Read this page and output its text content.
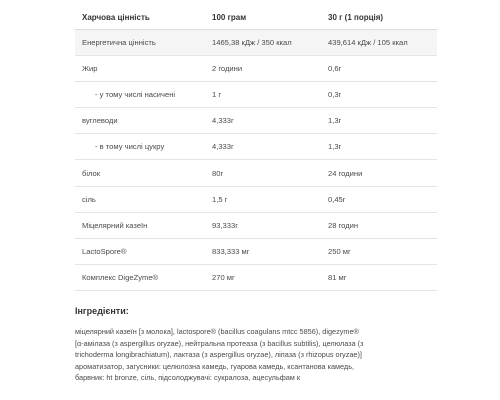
Харчова цінність	100 грам	30 г (1 порція)
Енергетична цінність	1465,38 кДж / 350 ккал	439,614 кДж / 105 ккал
Жир	2 години	0,6г
- у тому числі насичені	1 г	0,3г
вуглеводи	4,333г	1,3г
- в тому числі цукру	4,333г	1,3г
білок	80г	24 години
сіль	1,5 г	0,45г
Міцелярний казеїн	93,333г	28 годин
LactoSpore®	833,333 мг	250 мг
Комплекс DigeZyme®	270 мг	81 мг
Інгредієнти:
міцелярний казеїн [з молока], lactospore® (bacillus coagulans mtcc 5856), digezyme®
[α-амілаза (з aspergillus oryzae), нейтральна протеаза (з bacillus subtilis), целюлаза (з
trichoderma longibrachiatum), лактаза (з aspergillus oryzae), ліпаза (з rhizopus oryzae)]
ароматизатор, загусники: целюлозна камедь, гуарова камедь, ксантанова камедь,
барвник: ht bronze, сіль, підсолоджувачі: сукралоза, ацесульфам к
